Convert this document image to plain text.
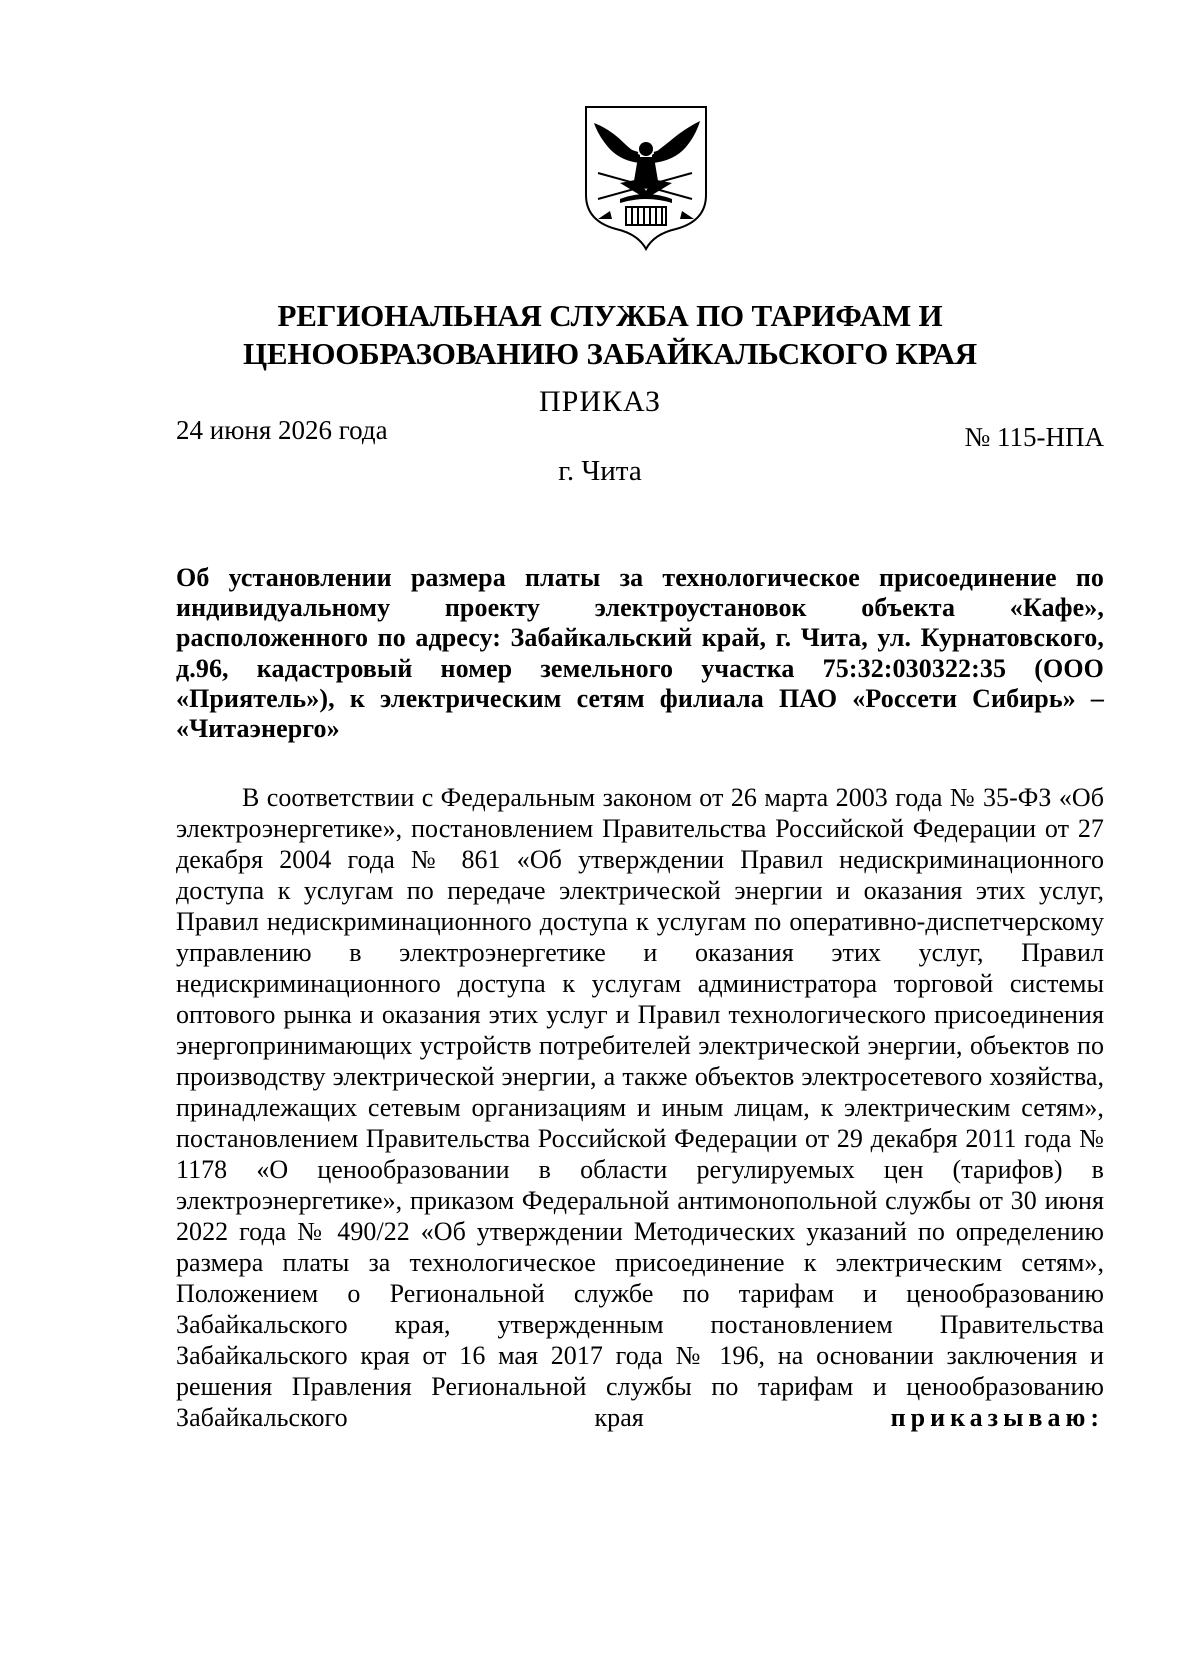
РЕГИОНАЛЬНАЯ СЛУЖБА ПО ТАРИФАМ И
ЦЕНООБРАЗОВАНИЮ ЗАБАЙКАЛЬСКОГО КРАЯ
ПРИКАЗ
24 июня 2026 года	№ 115-НПА
г. Чита
Об установлении размера платы за технологическое присоединение по индивидуальному проекту электроустановок объекта «Кафе», расположенного по адресу: Забайкальский край, г. Чита, ул. Курнатовского, д.96, кадастровый номер земельного участка 75:32:030322:35 (ООО «Приятель»), к электрическим сетям филиала ПАО «Россети Сибирь» – «Читаэнерго»
В соответствии с Федеральным законом от 26 марта 2003 года № 35-ФЗ «Об электроэнергетике», постановлением Правительства Российской Федерации от 27 декабря 2004 года № 861 «Об утверждении Правил недискриминационного доступа к услугам по передаче электрической энергии и оказания этих услуг, Правил недискриминационного доступа к услугам по оперативно-диспетчерскому управлению в электроэнергетике и оказания этих услуг, Правил недискриминационного доступа к услугам администратора торговой системы оптового рынка и оказания этих услуг и Правил технологического присоединения энергопринимающих устройств потребителей электрической энергии, объектов по производству электрической энергии, а также объектов электросетевого хозяйства, принадлежащих сетевым организациям и иным лицам, к электрическим сетям», постановлением Правительства Российской Федерации от 29 декабря 2011 года № 1178 «О ценообразовании в области регулируемых цен (тарифов) в электроэнергетике», приказом Федеральной антимонопольной службы от 30 июня 2022 года № 490/22 «Об утверждении Методических указаний по определению размера платы за технологическое присоединение к электрическим сетям», Положением о Региональной службе по тарифам и ценообразованию Забайкальского края, утвержденным постановлением Правительства Забайкальского края от 16 мая 2017 года № 196, на основании заключения и решения Правления Региональной службы по тарифам и ценообразованию Забайкальского края	приказываю:
